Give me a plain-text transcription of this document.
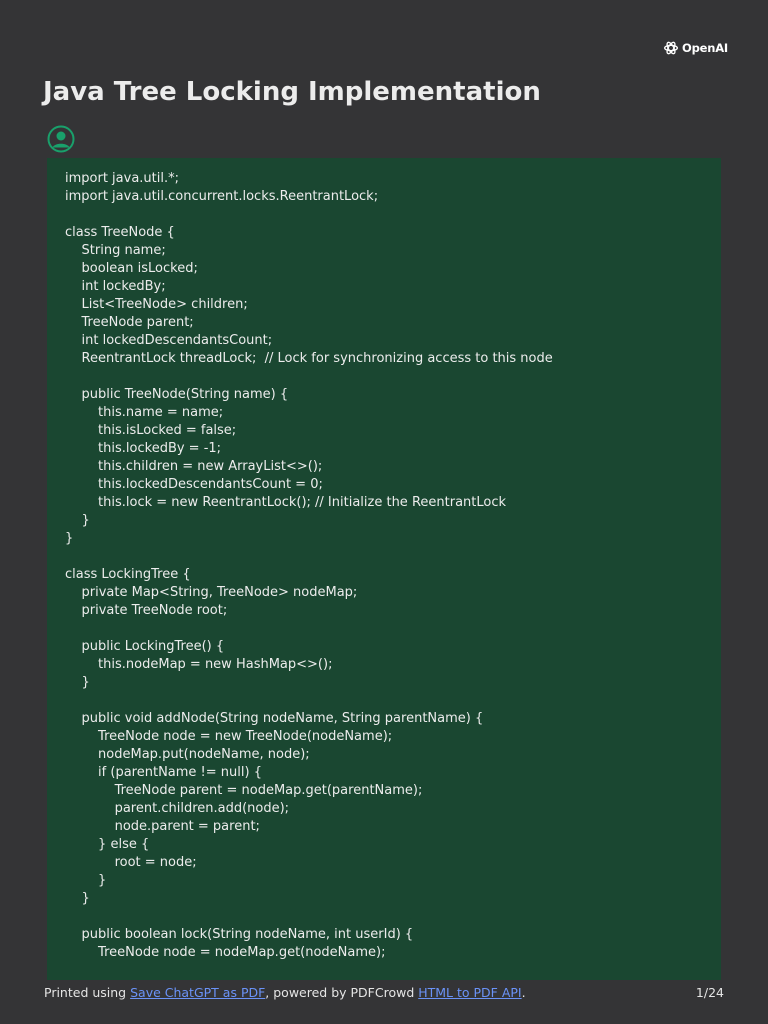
OpenAI
Java Tree Locking Implementation
import java.util.*;
import java.util.concurrent.locks.ReentrantLock;
class TreeNode {
String name;
boolean isLocked;
int lockedBy;
List<TreeNode> children;
TreeNode parent;
int lockedDescendantsCount;
ReentrantLock threadLock;  // Lock for synchronizing access to this node
public TreeNode(String name) {
this.name = name;
this.isLocked = false;
this.lockedBy = -1;
this.children = new ArrayList<>();
this.lockedDescendantsCount = 0;
this.lock = new ReentrantLock(); // Initialize the ReentrantLock
}
}
class LockingTree {
private Map<String, TreeNode> nodeMap;
private TreeNode root;
public LockingTree() {
this.nodeMap = new HashMap<>();
}
public void addNode(String nodeName, String parentName) {
TreeNode node = new TreeNode(nodeName);
nodeMap.put(nodeName, node);
if (parentName != null) {
TreeNode parent = nodeMap.get(parentName);
parent.children.add(node);
node.parent = parent;
} else {
root = node;
}
}
public boolean lock(String nodeName, int userId) {
TreeNode node = nodeMap.get(nodeName);
Printed using Save ChatGPT as PDF, powered by PDFCrowd HTML to PDF API.	1/24
